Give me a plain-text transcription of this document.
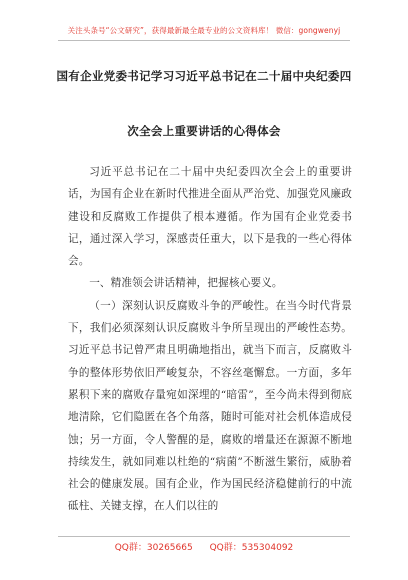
关注头条号“公文研究”，获得最新最全最专业的公文资料库！ 微信：gongwenyj
国有企业党委书记学习习近平总书记在二十届中央纪委四
次全会上重要讲话的心得体会

习近平总书记在二十届中央纪委四次全会上的重要讲话，为国有企业在新时代推进全面从严治党、加强党风廉政建设和反腐败工作提供了根本遵循。作为国有企业党委书记，通过深入学习，深感责任重大，以下是我的一些心得体会。

一、精准领会讲话精神，把握核心要义。

（一）深刻认识反腐败斗争的严峻性。在当今时代背景下，我们必须深刻认识反腐败斗争所呈现出的严峻性态势。习近平总书记曾严肃且明确地指出，就当下而言，反腐败斗争的整体形势依旧严峻复杂，不容丝毫懈怠。一方面，多年累积下来的腐败存量宛如深埋的“暗雷”，至今尚未得到彻底地清除，它们隐匿在各个角落，随时可能对社会机体造成侵蚀；另一方面，令人警醒的是，腐败的增量还在源源不断地持续发生，就如同难以杜绝的“病菌”不断滋生繁衍，威胁着社会的健康发展。国有企业，作为国民经济稳健前行的中流砥柱、关键支撑，在人们以往的

QQ群：30265665 QQ群：535304092
